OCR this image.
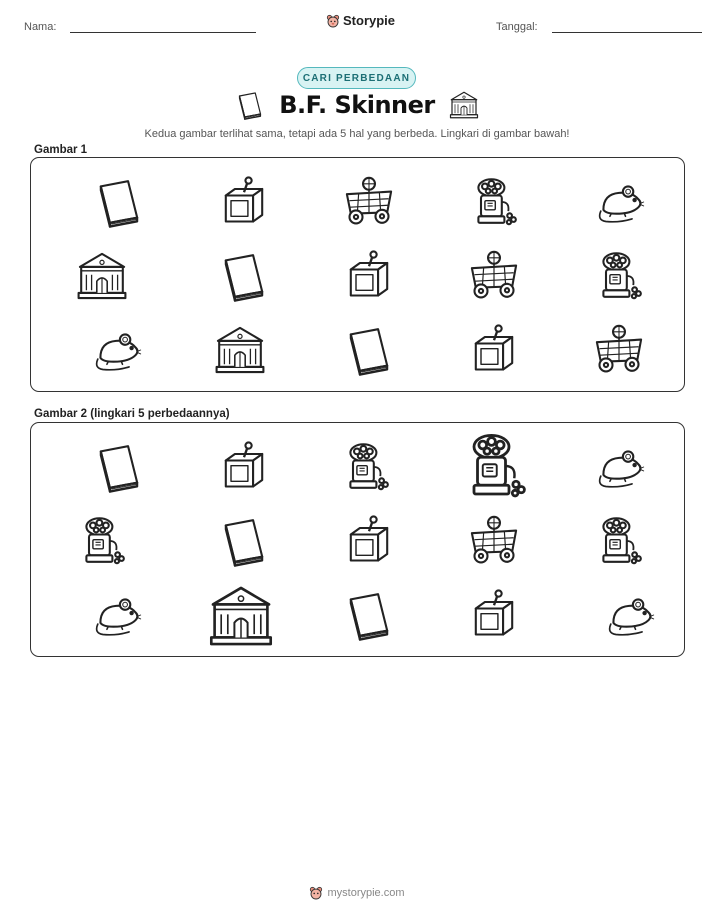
Nama:	Storypie	Tanggal:
CARI PERBEDAAN
B.F. Skinner
Kedua gambar terlihat sama, tetapi ada 5 hal yang berbeda. Lingkari di gambar bawah!
Gambar 1
Gambar 2 (lingkari 5 perbedaannya)
mystorypie.com
